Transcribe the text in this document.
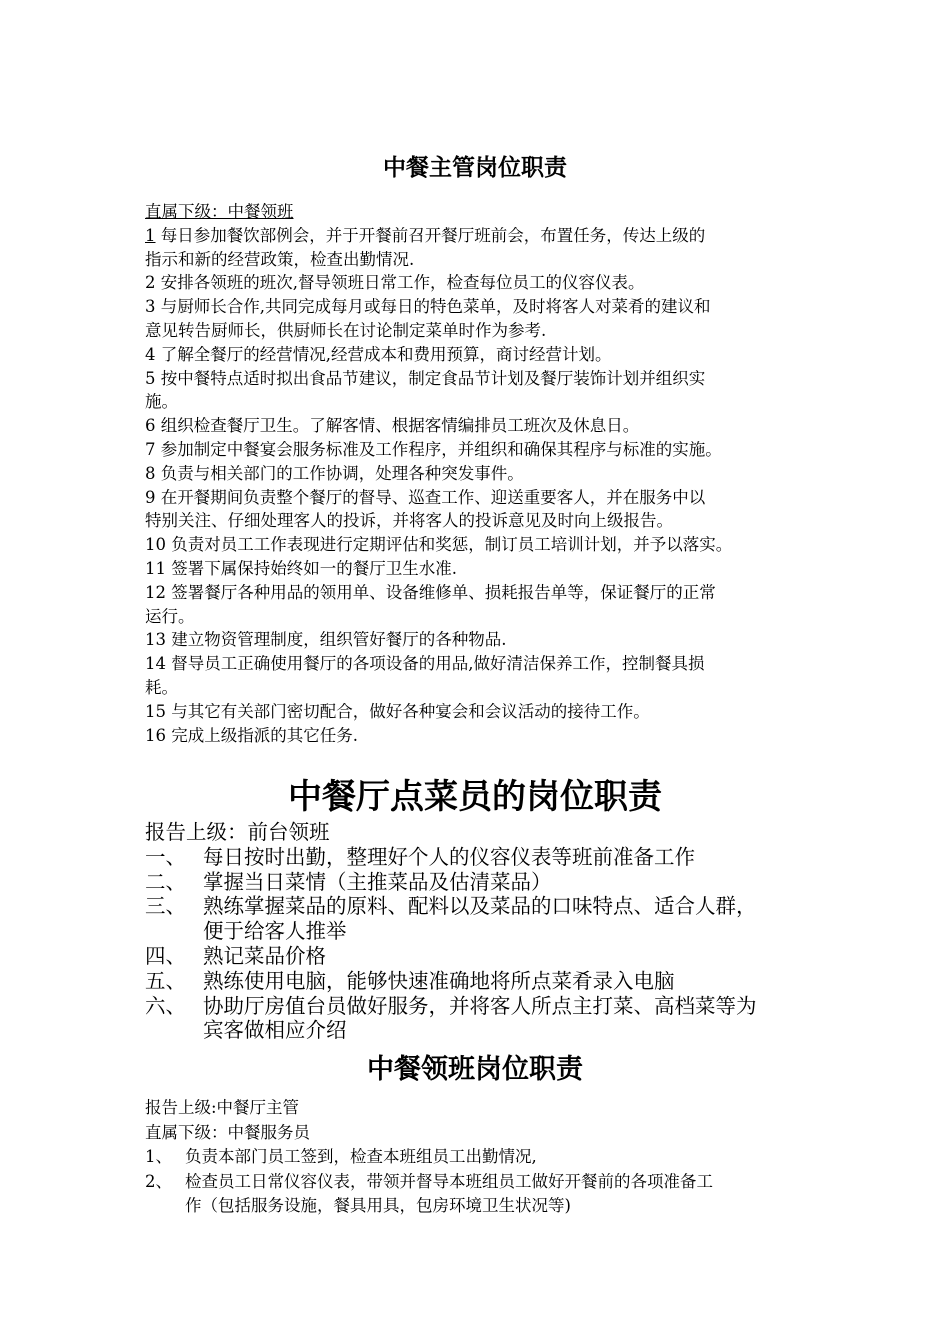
中餐主管岗位职责

直属下级：中餐领班

1 每日参加餐饮部例会，并于开餐前召开餐厅班前会，布置任务，传达上级的
指示和新的经营政策，检查出勤情况.

2 安排各领班的班次,督导领班日常工作，检查每位员工的仪容仪表。

3 与厨师长合作,共同完成每月或每日的特色菜单，及时将客人对菜肴的建议和
意见转告厨师长，供厨师长在讨论制定菜单时作为参考.

4 了解全餐厅的经营情况,经营成本和费用预算，商讨经营计划。

5 按中餐特点适时拟出食品节建议，制定食品节计划及餐厅装饰计划并组织实
施。

6 组织检查餐厅卫生。了解客情、根据客情编排员工班次及休息日。

7 参加制定中餐宴会服务标准及工作程序，并组织和确保其程序与标准的实施。

8 负责与相关部门的工作协调，处理各种突发事件。

9 在开餐期间负责整个餐厅的督导、巡查工作、迎送重要客人，并在服务中以
特别关注、仔细处理客人的投诉，并将客人的投诉意见及时向上级报告。

10 负责对员工工作表现进行定期评估和奖惩，制订员工培训计划，并予以落实。

11 签署下属保持始终如一的餐厅卫生水准.

12 签署餐厅各种用品的领用单、设备维修单、损耗报告单等，保证餐厅的正常
运行。

13 建立物资管理制度，组织管好餐厅的各种物品.

14 督导员工正确使用餐厅的各项设备的用品,做好清洁保养工作，控制餐具损
耗。

15 与其它有关部门密切配合，做好各种宴会和会议活动的接待工作。

16 完成上级指派的其它任务.

中餐厅点菜员的岗位职责
报告上级：前台领班
一、 每日按时出勤，整理好个人的仪容仪表等班前准备工作
二、 掌握当日菜情（主推菜品及估清菜品）
三、 熟练掌握菜品的原料、配料以及菜品的口味特点、适合人群，
便于给客人推举
四、 熟记菜品价格
五、 熟练使用电脑，能够快速准确地将所点菜肴录入电脑
六、 协助厅房值台员做好服务，并将客人所点主打菜、高档菜等为
宾客做相应介绍
中餐领班岗位职责

报告上级:中餐厅主管

直属下级：中餐服务员

1、 负责本部门员工签到，检查本班组员工出勤情况,
2、 检查员工日常仪容仪表，带领并督导本班组员工做好开餐前的各项准备工
作（包括服务设施，餐具用具，包房环境卫生状况等)
